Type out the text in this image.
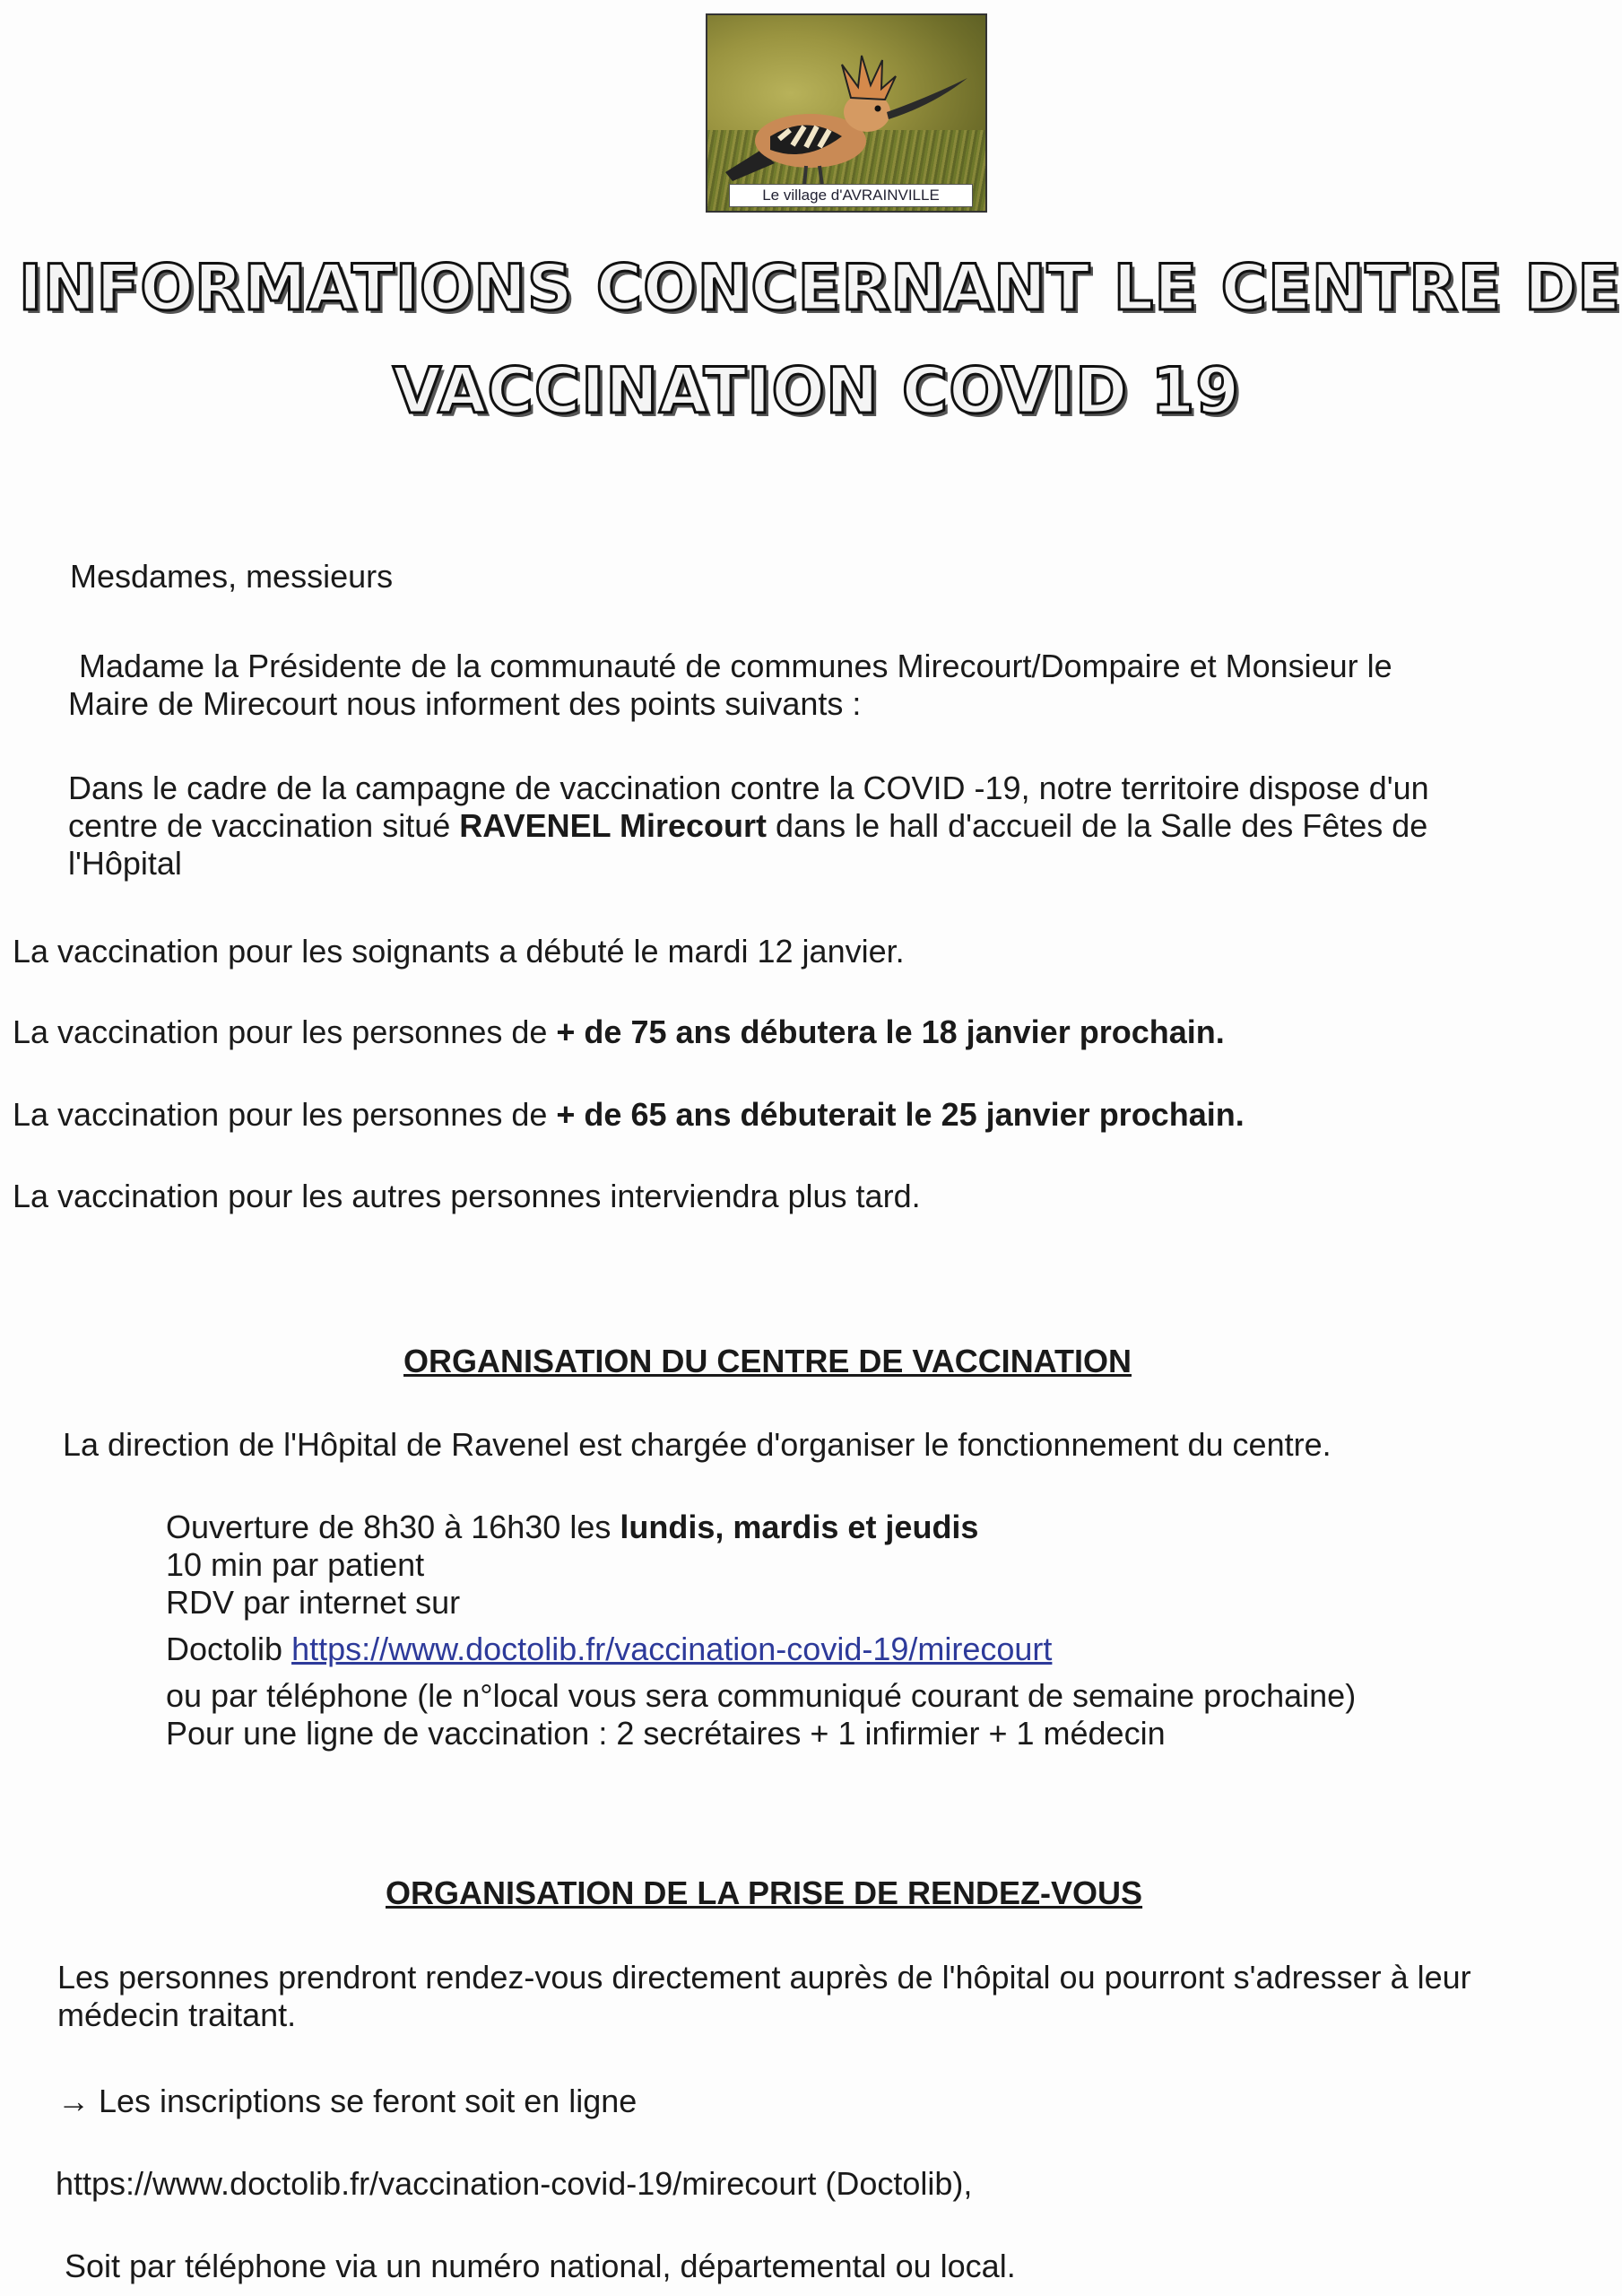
Le village d'AVRAINVILLE
INFORMATIONS CONCERNANT LE CENTRE DE
VACCINATION COVID 19
Mesdames, messieurs
Madame la Présidente de la communauté de communes Mirecourt/Dompaire et Monsieur le
Maire de Mirecourt nous informent des points suivants :
Dans le cadre de la campagne de vaccination contre la COVID -19, notre territoire dispose d'un
centre de vaccination situé RAVENEL Mirecourt dans le hall d'accueil de la Salle des Fêtes de
l'Hôpital
La vaccination pour les soignants a débuté le mardi 12 janvier.
La vaccination pour les personnes de + de 75 ans débutera le 18 janvier prochain.
La vaccination pour les personnes de + de 65 ans débuterait le 25 janvier prochain.
La vaccination pour les autres personnes interviendra plus tard.
ORGANISATION DU CENTRE DE VACCINATION
La direction de l'Hôpital de Ravenel est chargée d'organiser le fonctionnement du centre.
Ouverture de 8h30 à 16h30 les lundis, mardis et jeudis
10 min par patient
RDV par internet sur
Doctolib https://www.doctolib.fr/vaccination-covid-19/mirecourt
ou par téléphone (le n°local vous sera communiqué courant de semaine prochaine)
Pour une ligne de vaccination : 2 secrétaires + 1 infirmier + 1 médecin
ORGANISATION DE LA PRISE DE RENDEZ-VOUS
Les personnes prendront rendez-vous directement auprès de l'hôpital ou pourront s'adresser à leur
médecin traitant.
→ Les inscriptions se feront soit en ligne
https://www.doctolib.fr/vaccination-covid-19/mirecourt (Doctolib),
Soit par téléphone via un numéro national, départemental ou local.
